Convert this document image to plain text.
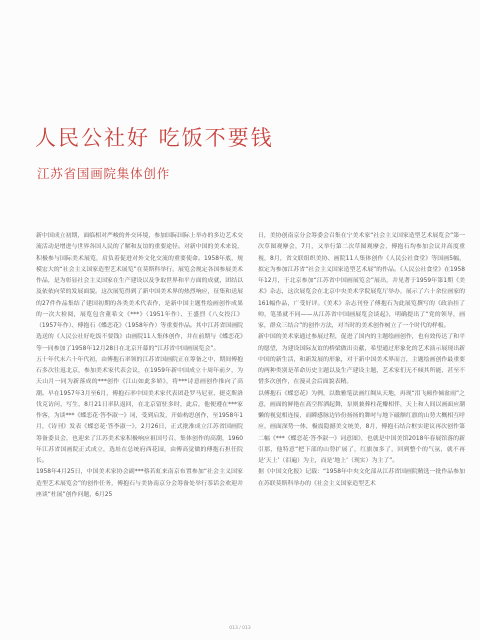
人民公社好 吃饭不要钱
江苏省国画院集体创作

新中国成立初期，面临相对严峻的外交环境，参加国际国际上举办的多边艺术交流活动是增进与世界各国人民的了解和友谊的重要途径。对新中国的美术来说，积极参与国际美术展览，肩负着促进对外文化交流的重要使命。1958年底，规模宏大的“社会主义国家造型艺术展览”在莫斯科举行，展览会规定各国参展美术作品，是为彰显社会主义国家在生产建设以及争取世界和平方面的成就，团结以及依依向荣的发展面貌。这次展览得到了新中国美术界的热烈响应，征集和送展的27件作品集结了建国初期的各类美术代表作，是新中国主题性绘画创作成果的一次大检阅，展览包含董希文《***》（1951年作）、王盛烈《八女投江》（1957年作）、傅抱石《蝶恋花》（1958年作）等重要作品。其中江苏省国画院选送的《人民公社好吃饭不要钱》由画院11人集体创作，并在前期与《蝶恋花》等一同参加了1958年12月28日在北京开幕的“江苏省中国画展览会”。

五十年代末六十年代初，由傅抱石率领的江苏省国画院正在筹备之中，期间傅抱石多次往返北京，参加美术家代表会议，在1959年新中国成立十周年前夕，为天山月一同为新落成的***创作《江山如此多娇》，将***诗意画创作推向了高潮。早在1957年3月至6月，傅抱石率中国美术家代表团赴罗马尼亚、捷克斯洛伐克访问，写生，8月21日率队返回，在北京留驻多时，此后，他便遵在***家作客，为谈***《蝶恋花·答李淑一》词，受到启发，开始构思创作，至1958年1月，《诗刊》发表《蝶恋花·答李淑一》，2月26日，正式批准成立江苏省国画院筹备委员会，也迎来了江苏美术家积极响应祖国号召，集体创作的高潮，1960年江苏省国画院正式成立，选址在总统府西花园，由傅高觉做的傅抱石担任院长。

1958年4月25日，中国美术家协会副***蔡若虹来南京布置参加“社会主义国家造型艺术展览会”的创作任务，傅抱石与美协南京分会筹备处举行茶话会欢迎并座谈“杜展”创作问题，6月25

日，美协创南京分会筹委会召集在宁美术家“社会主义国家造型艺术展览会”第一次草图观摩会，7月，又举行第二次草图观摩会，傅抱石均参加会议并高度重视，8月，省文联组织美协、画院11人集体创作《人民公社食堂》等国画5幅，拟定为参加江苏省“社会主义国家造型艺术展”的作品。《人民公社食堂》在1958年12月，于北京参加“江苏省中国画展览会”展出，并见著于1959年第1期《美术》杂志，这次展览会在北京中央美术学院展览厅举办，展示了六十余位画家的161幅作品，广受好评。《美术》杂志刊登了傅抱石为此展览撰写的《政治挂了帅，笔墨就不同——从江苏省中国画展览会谈起》，明确提出了“党的领导，画家，群众三结合”的创作方法，对当时的美术创作树立了一个时代的样板。

新中国的美术家通过参展过程，促进了国内的主题绘画创作，也有效传达了和平的愿望，为建设国际友谊的桥梁做出贡献，希望通过形象化的艺术演示展现出新中国的新生活，和新发展的形象，对于新中国美术界而言，主题绘画创作最重要的两种类别是革命历史主题以及生产建设主题，艺术家们无不倾其所能，甚至不惜多次创作，在漫灵会后面貌表精。

以傅抱石《蝶恋花》为例，以数雅笔法画红绸从天地，再现“泪飞顿作倾盆雨”之意，画面的鲜艳在高空挥洒起舞，泵则兼葬柱花瓣相伴，天上和人间以画面应潮懒的视觉相连接，而瞬感脉边钤份扬扬的舞吋与地下磁额红旗的山势大概相互呼应，画面深势一体，极震隐撼美文统美，8月，傅抱石结合框实建议再次创作第二幅《***《蝶恋花·答李淑一》词意图》，也就是中国美馆2018年春展馆落的新引那，他特意“把下部的山势扩展了，红旗加多了，回到整个的气氛，就不再是‘天上’（泪遍）为主，而是‘地上’（现实）为主了”。

据《中国文化报》记载：“1958年中央文化部从江苏省国画院精选一批作品参加在苏联莫斯科举办的《社会主义国家造型艺术

013 / 013
